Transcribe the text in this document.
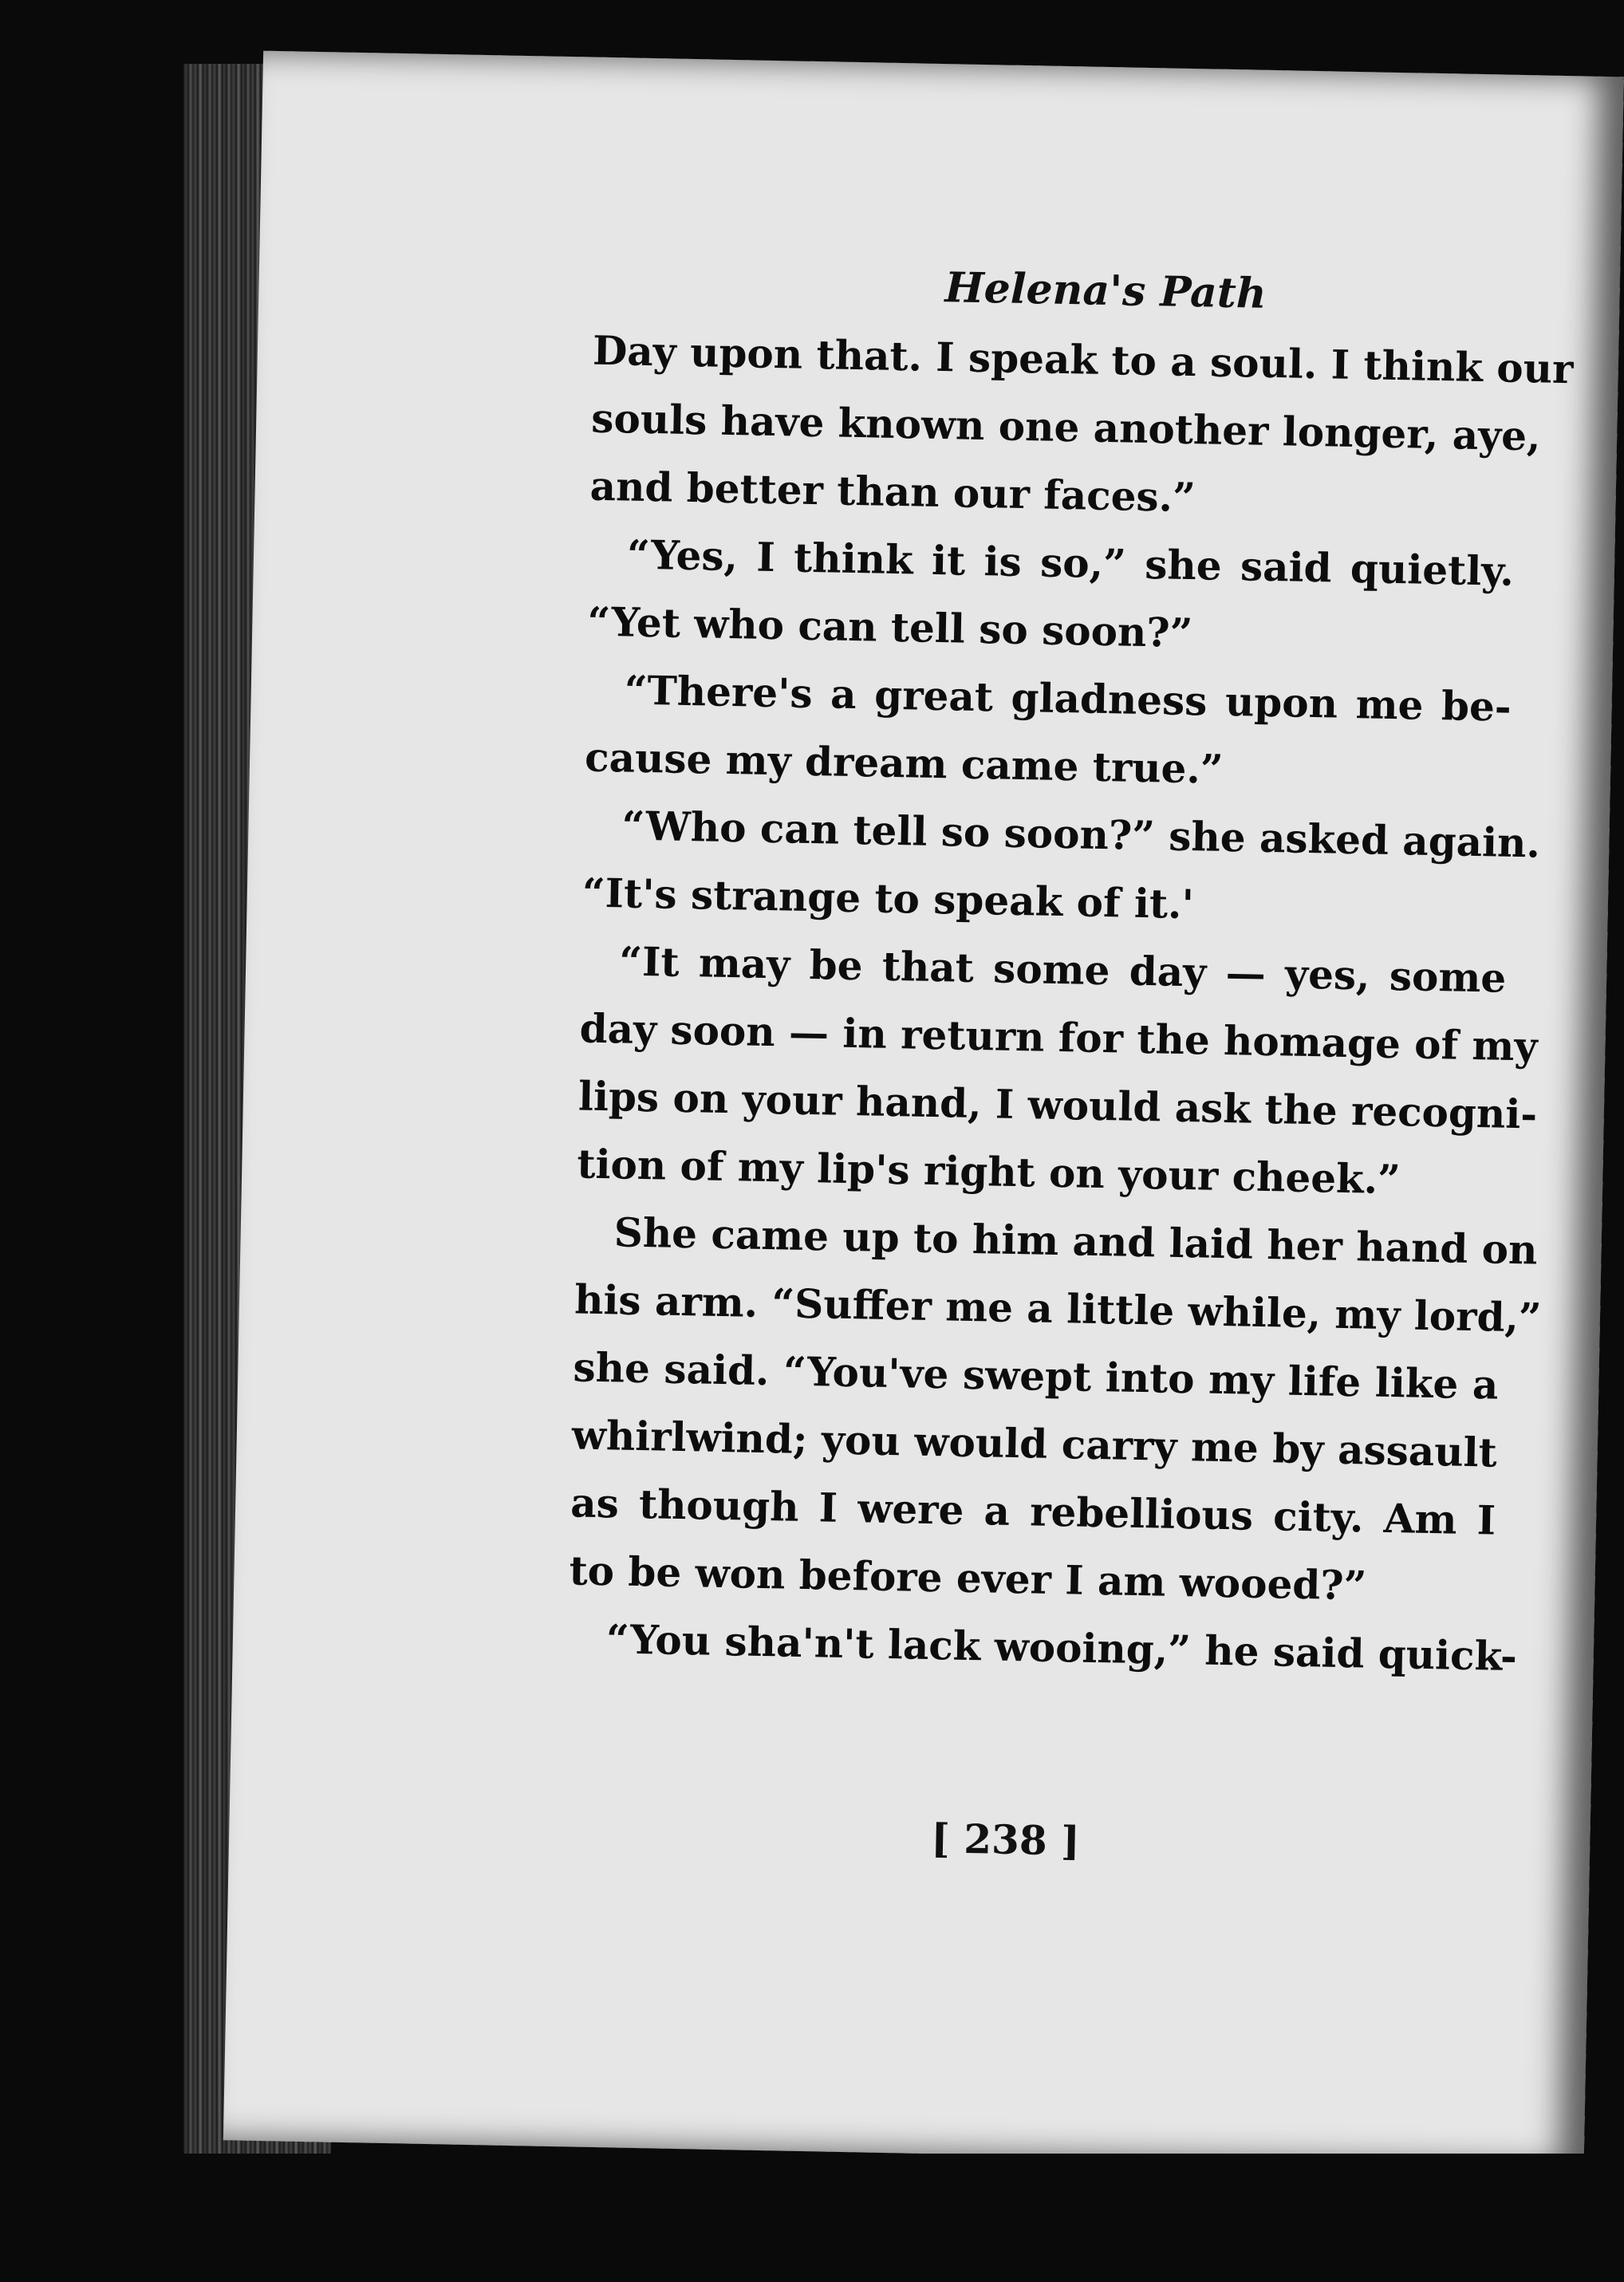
Helena's Path
Day upon that. I speak to a soul. I think our
souls have known one another longer, aye,
and better than our faces.”
“Yes, I think it is so,” she said quietly.
“Yet who can tell so soon?”
“There's a great gladness upon me be-
cause my dream came true.”
“Who can tell so soon?” she asked again.
“It's strange to speak of it.'
“It may be that some day — yes, some
day soon — in return for the homage of my
lips on your hand, I would ask the recogni-
tion of my lip's right on your cheek.”
She came up to him and laid her hand on
his arm. “Suffer me a little while, my lord,”
she said. “You've swept into my life like a
whirlwind; you would carry me by assault
as though I were a rebellious city. Am I
to be won before ever I am wooed?”
“You sha'n't lack wooing,” he said quick-
[ 238 ]
